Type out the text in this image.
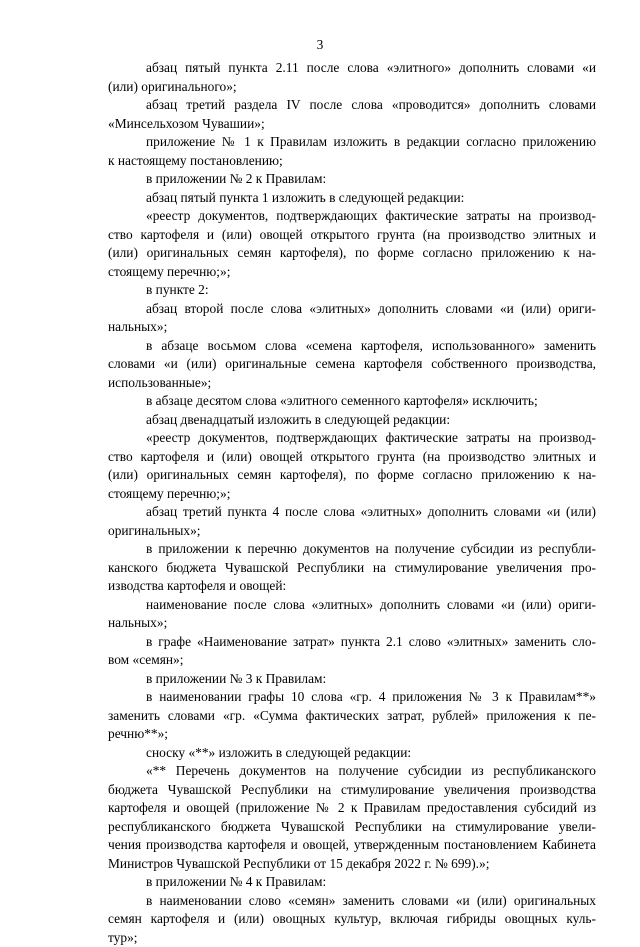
3
абзац пятый пункта 2.11 после слова «элитного» дополнить словами «и
(или) оригинального»;
абзац третий раздела IV после слова «проводится» дополнить словами
«Минсельхозом Чувашии»;
приложение № 1 к Правилам изложить в редакции согласно приложению
к настоящему постановлению;
в приложении № 2 к Правилам:
абзац пятый пункта 1 изложить в следующей редакции:
«реестр документов, подтверждающих фактические затраты на производ-
ство картофеля и (или) овощей открытого грунта (на производство элитных и
(или) оригинальных семян картофеля), по форме согласно приложению к на-
стоящему перечню;»;
в пункте 2:
абзац второй после слова «элитных» дополнить словами «и (или) ориги-
нальных»;
в абзаце восьмом слова «семена картофеля, использованного» заменить
словами «и (или) оригинальные семена картофеля собственного производства,
использованные»;
в абзаце десятом слова «элитного семенного картофеля» исключить;
абзац двенадцатый изложить в следующей редакции:
«реестр документов, подтверждающих фактические затраты на производ-
ство картофеля и (или) овощей открытого грунта (на производство элитных и
(или) оригинальных семян картофеля), по форме согласно приложению к на-
стоящему перечню;»;
абзац третий пункта 4 после слова «элитных» дополнить словами «и (или)
оригинальных»;
в приложении к перечню документов на получение субсидии из республи-
канского бюджета Чувашской Республики на стимулирование увеличения про-
изводства картофеля и овощей:
наименование после слова «элитных» дополнить словами «и (или) ориги-
нальных»;
в графе «Наименование затрат» пункта 2.1 слово «элитных» заменить сло-
вом «семян»;
в приложении № 3 к Правилам:
в наименовании графы 10 слова «гр. 4 приложения № 3 к Правилам**»
заменить словами «гр. «Сумма фактических затрат, рублей» приложения к пе-
речню**»;
сноску «**» изложить в следующей редакции:
«** Перечень документов на получение субсидии из республиканского
бюджета Чувашской Республики на стимулирование увеличения производства
картофеля и овощей (приложение № 2 к Правилам предоставления субсидий из
республиканского бюджета Чувашской Республики на стимулирование увели-
чения производства картофеля и овощей, утвержденным постановлением Кабинета
Министров Чувашской Республики от 15 декабря 2022 г. № 699).»;
в приложении № 4 к Правилам:
в наименовании слово «семян» заменить словами «и (или) оригинальных
семян картофеля и (или) овощных культур, включая гибриды овощных куль-
тур»;
